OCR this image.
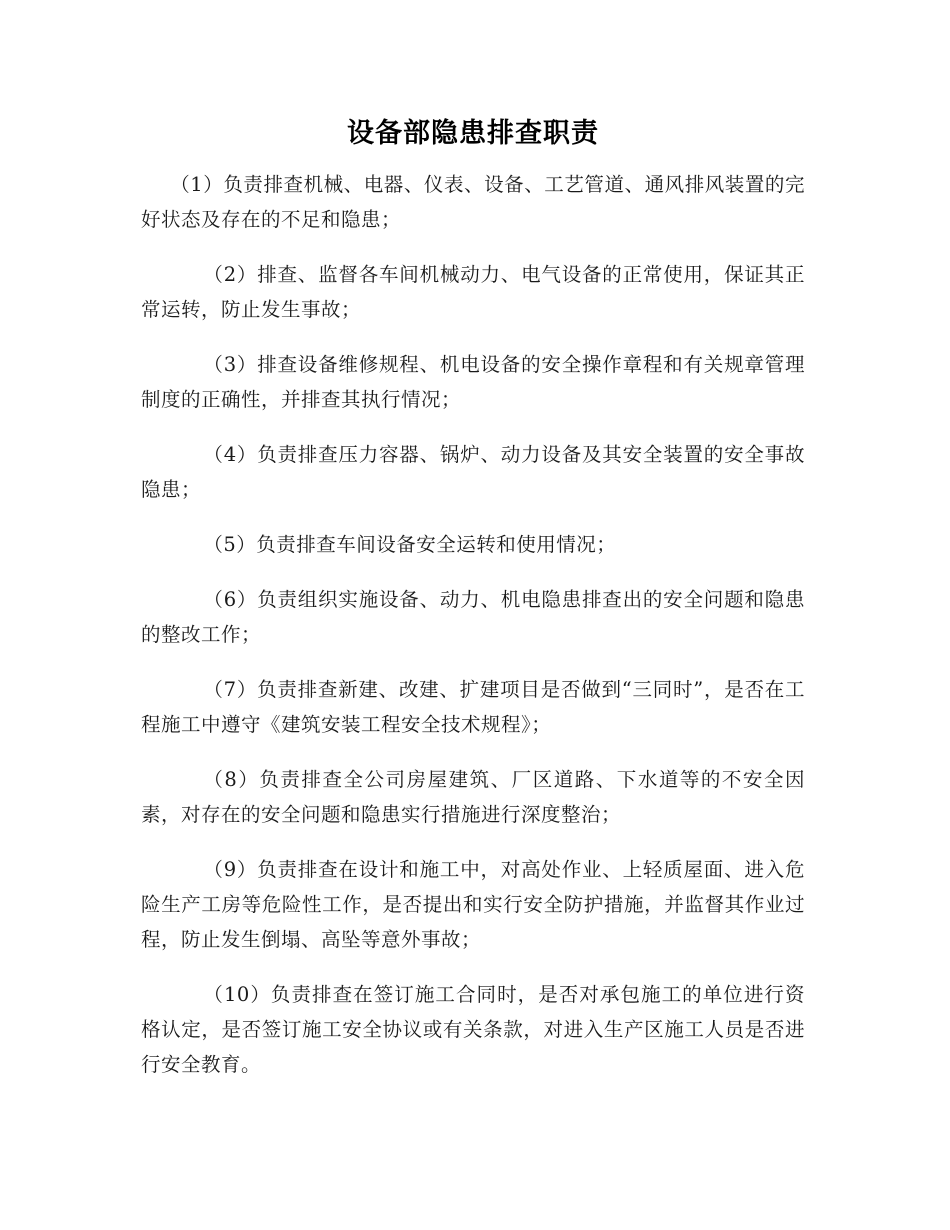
设备部隐患排查职责

（1）负责排查机械、电器、仪表、设备、工艺管道、通风排风装置的完好状态及存在的不足和隐患；

（2）排查、监督各车间机械动力、电气设备的正常使用，保证其正常运转，防止发生事故；

（3）排查设备维修规程、机电设备的安全操作章程和有关规章管理制度的正确性，并排查其执行情况；

（4）负责排查压力容器、锅炉、动力设备及其安全装置的安全事故隐患；

（5）负责排查车间设备安全运转和使用情况；

（6）负责组织实施设备、动力、机电隐患排查出的安全问题和隐患的整改工作；

（7）负责排查新建、改建、扩建项目是否做到“三同时”，是否在工程施工中遵守《建筑安装工程安全技术规程》；

（8）负责排查全公司房屋建筑、厂区道路、下水道等的不安全因素，对存在的安全问题和隐患实行措施进行深度整治；

（9）负责排查在设计和施工中，对高处作业、上轻质屋面、进入危险生产工房等危险性工作，是否提出和实行安全防护措施，并监督其作业过程，防止发生倒塌、高坠等意外事故；

（10）负责排查在签订施工合同时，是否对承包施工的单位进行资格认定，是否签订施工安全协议或有关条款，对进入生产区施工人员是否进行安全教育。
